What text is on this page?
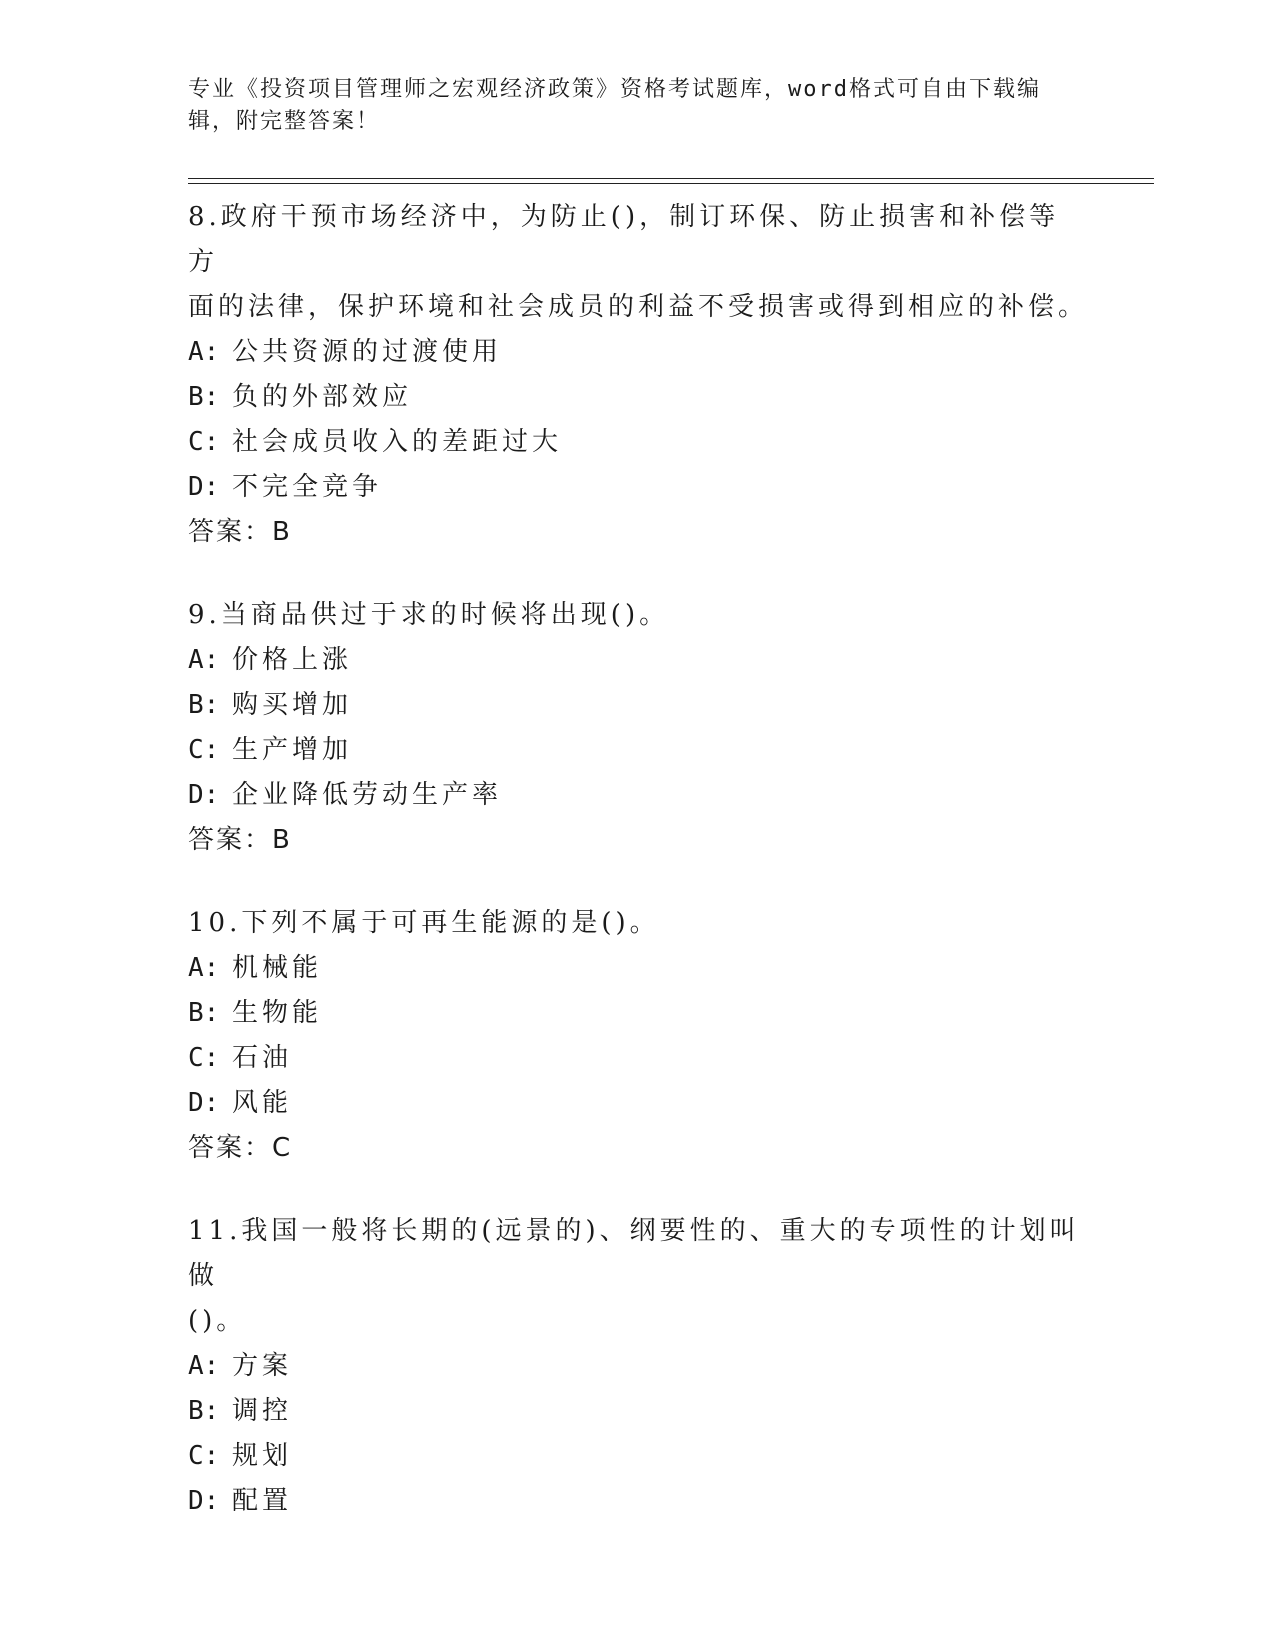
专业《投资项目管理师之宏观经济政策》资格考试题库，word格式可自由下载编
辑，附完整答案！
8.政府干预市场经济中，为防止()，制订环保、防止损害和补偿等方
面的法律，保护环境和社会成员的利益不受损害或得到相应的补偿。
A: 公共资源的过渡使用
B: 负的外部效应
C: 社会成员收入的差距过大
D: 不完全竞争
答案：B
9.当商品供过于求的时候将出现()。
A: 价格上涨
B: 购买增加
C: 生产增加
D: 企业降低劳动生产率
答案：B
10.下列不属于可再生能源的是()。
A: 机械能
B: 生物能
C: 石油
D: 风能
答案：C
11.我国一般将长期的(远景的)、纲要性的、重大的专项性的计划叫做
()。
A: 方案
B: 调控
C: 规划
D: 配置
